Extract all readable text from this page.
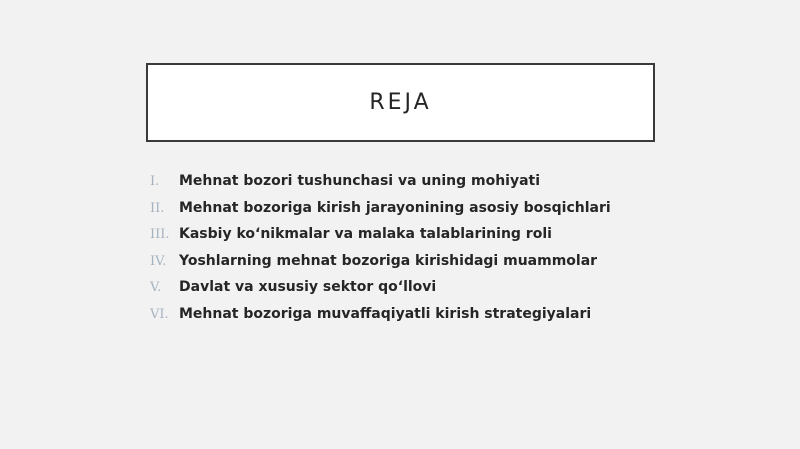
REJA
I.	Mehnat bozori tushunchasi va uning mohiyati
II.	Mehnat bozoriga kirish jarayonining asosiy bosqichlari
III. Kasbiy ko‘nikmalar va malaka talablarining roli
IV. Yoshlarning mehnat bozoriga kirishidagi muammolar
V.	Davlat va xususiy sektor qo‘llovi
VI. Mehnat bozoriga muvaffaqiyatli kirish strategiyalari
